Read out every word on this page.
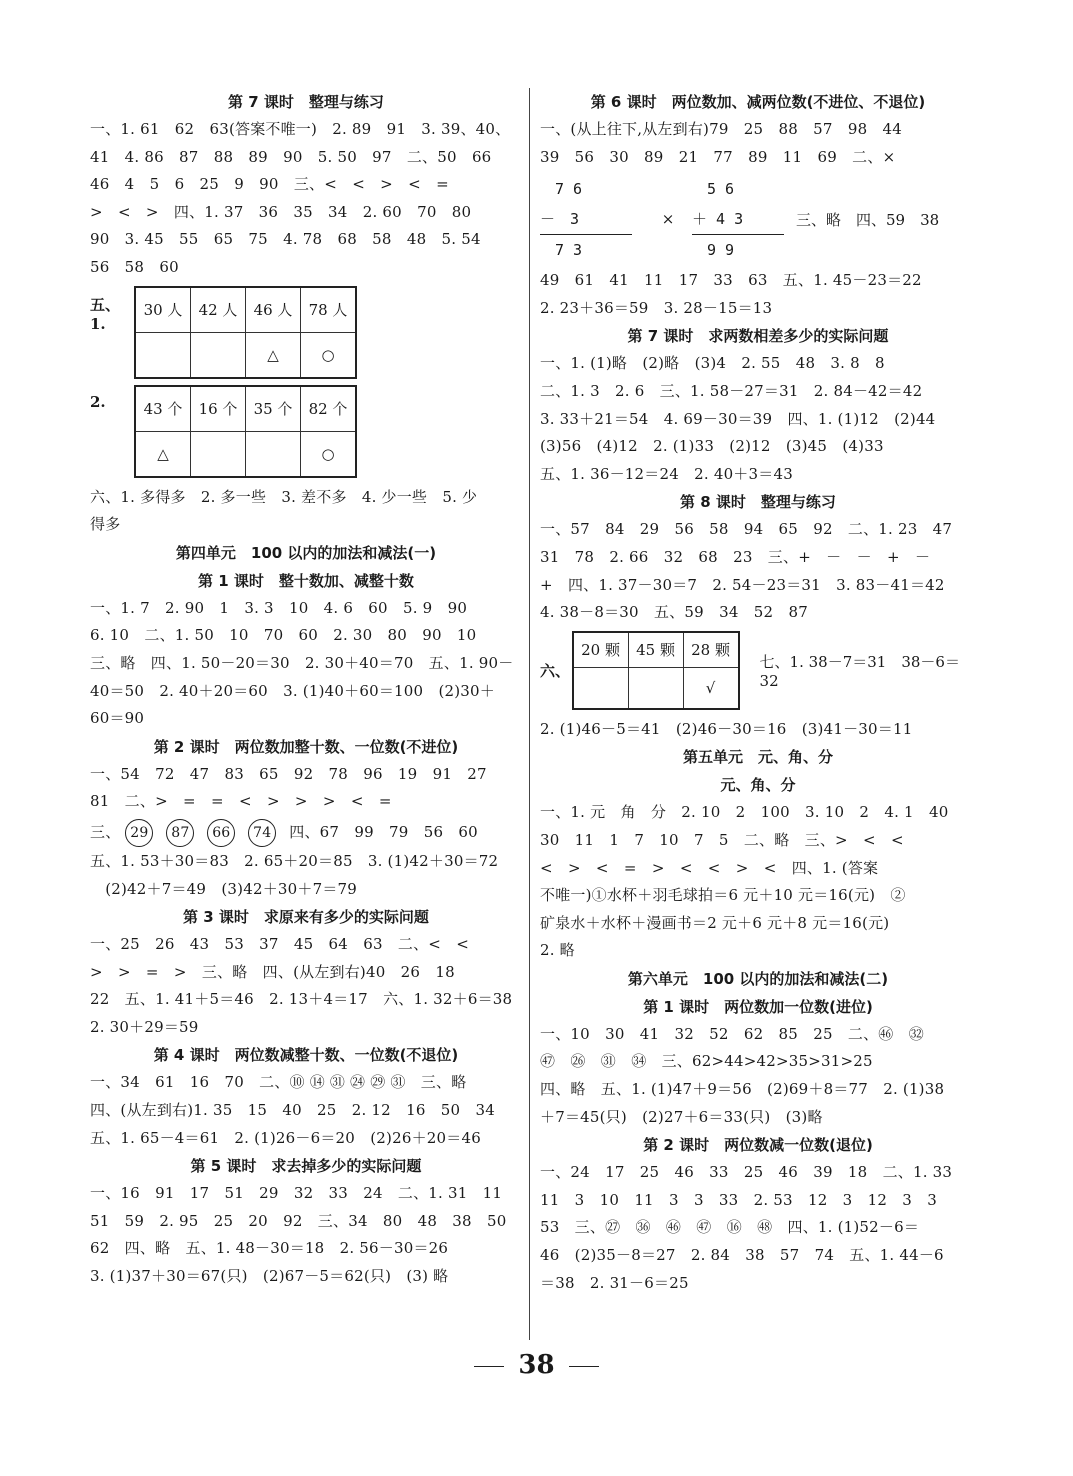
第 7 课时　整理与练习
一、1. 61　62　63(答案不唯一)　2. 89　91　3. 39、40、
41　4. 86　87　88　89　90　5. 50　97　二、50　66
46　4　5　6　25　9　90　三、<　<　>　<　=
>　<　>　四、1. 37　36　35　34　2. 60　70　80
90　3. 45　55　65　75　4. 78　68　58　48　5. 54
56　58　60
五、1.
30 人	42 人	46 人	78 人
		△	○
2.	43 个	16 个	35 个	82 个
△			○
六、1. 多得多　2. 多一些　3. 差不多　4. 少一些　5. 少
得多
第四单元　100 以内的加法和减法(一)
第 1 课时　整十数加、减整十数
一、1. 7　2. 90　1　3. 3　10　4. 6　60　5. 9　90
6. 10　二、1. 50　10　70　60　2. 30　80　90　10
三、略　四、1. 50－20＝30　2. 30＋40＝70　五、1. 90－
40＝50　2. 40＋20＝60　3. (1)40＋60＝100　(2)30＋
60＝90
第 2 课时　两位数加整十数、一位数(不进位)
一、54　72　47　83　65　92　78　96　19　91　27
81　二、>　=　=　<　>　>　>　<　=
三、 29 87 66 74 四、67　99　79　56　60
五、1. 53＋30＝83　2. 65＋20＝85　3. (1)42＋30＝72
　(2)42＋7＝49　(3)42＋30＋7＝79
第 3 课时　求原来有多少的实际问题
一、25　26　43　53　37　45　64　63　二、<　<
>　>　=　>　三、略　四、(从左到右)40　26　18
22　五、1. 41＋5＝46　2. 13＋4＝17　六、1. 32＋6＝38
2. 30＋29＝59
第 4 课时　两位数减整十数、一位数(不退位)
一、34　61　16　70　二、⑩ ⑭ ㉛ ㉔ ㉙ ㉛　三、略
四、(从左到右)1. 35　15　40　25　2. 12　16　50　34
五、1. 65－4＝61　2. (1)26－6＝20　(2)26＋20＝46
第 5 课时　求去掉多少的实际问题
一、16　91　17　51　29　32　33　24　二、1. 31　11
51　59　2. 95　25　20　92　三、34　80　48　38　50
62　四、略　五、1. 48－30＝18　2. 56－30＝26
3. (1)37＋30＝67(只)　(2)67－5＝62(只)　(3) 略
第 6 课时　两位数加、减两位数(不进位、不退位)
一、(从上往下,从左到右)79　25　88　57　98　44
39　56　30　89　21　77　89　11　69　二、×
　7 6
－　3
　7 3
×
　5 6
＋ 4 3
　9 9
三、略　四、59　38
49　61　41　11　17　33　63　五、1. 45－23＝22
2. 23＋36＝59　3. 28－15＝13
第 7 课时　求两数相差多少的实际问题
一、1. (1)略　(2)略　(3)4　2. 55　48　3. 8　8
二、1. 3　2. 6　三、1. 58－27＝31　2. 84－42＝42
3. 33＋21＝54　4. 69－30＝39　四、1. (1)12　(2)44
(3)56　(4)12　2. (1)33　(2)12　(3)45　(4)33
五、1. 36－12＝24　2. 40＋3＝43
第 8 课时　整理与练习
一、57　84　29　56　58　94　65　92　二、1. 23　47
31　78　2. 66　32　68　23　三、+　－　－　+　－
+　四、1. 37－30＝7　2. 54－23＝31　3. 83－41＝42
4. 38－8＝30　五、59　34　52　87
六、
20 颗	45 颗	28 颗
		√
七、1. 38－7＝31　38－6＝32
2. (1)46－5＝41　(2)46－30＝16　(3)41－30＝11
第五单元　元、角、分
元、角、分
一、1. 元　角　分　2. 10　2　100　3. 10　2　4. 1　40
30　11　1　7　10　7　5　二、略　三、>　<　<
<　>　<　=　>　<　<　>　<　四、1. (答案
不唯一)①水杯＋羽毛球拍＝6 元＋10 元＝16(元)　②
矿泉水＋水杯＋漫画书＝2 元＋6 元＋8 元＝16(元)
2. 略
第六单元　100 以内的加法和减法(二)
第 1 课时　两位数加一位数(进位)
一、10　30　41　32　52　62　85　25　二、㊻　㉜
㊼　㉖　㉛　㉞　三、62>44>42>35>31>25
四、略　五、1. (1)47＋9＝56　(2)69＋8＝77　2. (1)38
＋7＝45(只)　(2)27＋6＝33(只)　(3)略
第 2 课时　两位数减一位数(退位)
一、24　17　25　46　33　25　46　39　18　二、1. 33
11　3　10　11　3　3　33　2. 53　12　3　12　3　3
53　三、㉗　㊱　㊻　㊼　⑯　㊽　四、1. (1)52－6＝
46　(2)35－8＝27　2. 84　38　57　74　五、1. 44－6
＝38　2. 31－6＝25
38
